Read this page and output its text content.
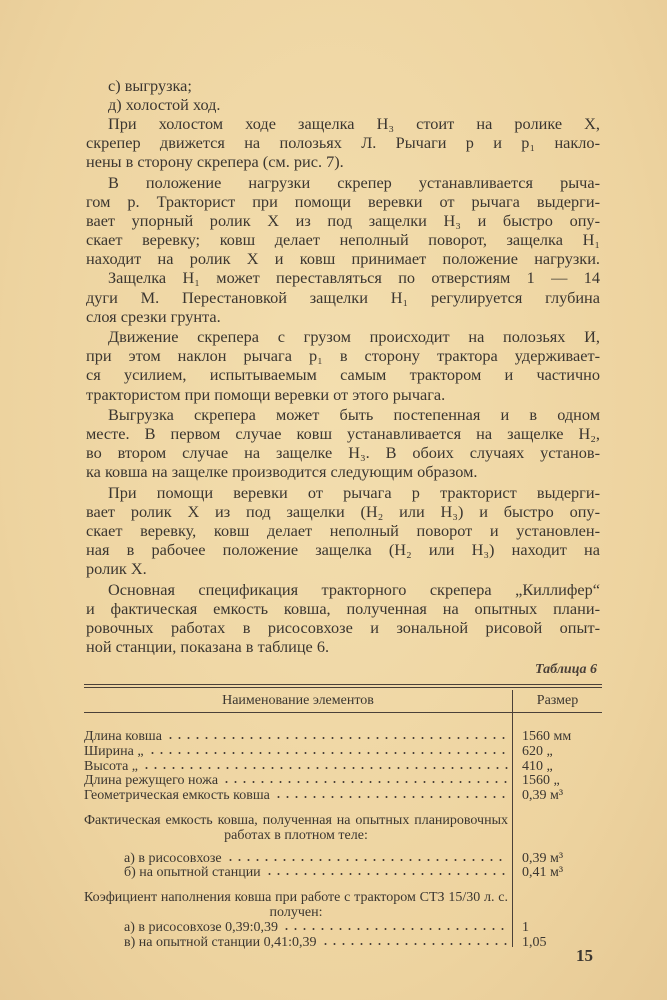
с) выгрузка;
д) холостой ход.
При холостом ходе защелка H₃ стоит на ролике X,
скрепер движется на полозьях Л. Рычаги р и р₁ накло-
нены в сторону скрепера (см. рис. 7).
В положение нагрузки скрепер устанавливается рыча-
гом р. Тракторист при помощи веревки от рычага выдерги-
вает упорный ролик X из под защелки H₃ и быстро опу-
скает веревку; ковш делает неполный поворот, защелка H₁
находит на ролик X и ковш принимает положение нагрузки.
Защелка H₁ может переставляться по отверстиям 1 — 14
дуги М. Перестановкой защелки H₁ регулируется глубина
слоя срезки грунта.
Движение скрепера с грузом происходит на полозьях И,
при этом наклон рычага р₁ в сторону трактора удерживает-
ся усилием, испытываемым самым трактором и частично
трактористом при помощи веревки от этого рычага.
Выгрузка скрепера может быть постепенная и в одном
месте. В первом случае ковш устанавливается на защелке H₂,
во втором случае на защелке H₃. В обоих случаях установ-
ка ковша на защелке производится следующим образом.
При помощи веревки от рычага р тракторист выдерги-
вает ролик X из под защелки (H₂ или H₃) и быстро опу-
скает веревку, ковш делает неполный поворот и установлен-
ная в рабочее положение защелка (H₂ или H₃) находит на
ролик X.
Основная спецификация тракторного скрепера „Киллифер“
и фактическая емкость ковша, полученная на опытных плани-
ровочных работах в рисосовхозе и зональной рисовой опыт-
ной станции, показана в таблице 6.
Таблица 6
Наименование элементов	Размер
Длина ковша	1560 мм
Ширина „	620 „
Высота „	410 „
Длина режущего ножа	1560 „
Геометрическая емкость ковша	0,39 м³
Фактическая емкость ковша, полученная на опытных планировочных работах в плотном теле:
а) в рисосовхозе	0,39 м³
б) на опытной станции	0,41 м³
Коэфициент наполнения ковша при работе с трактором СТЗ 15/30 л. с. получен:
а) в рисосовхозе 0,39:0,39	1
в) на опытной станции 0,41:0,39	1,05
15
